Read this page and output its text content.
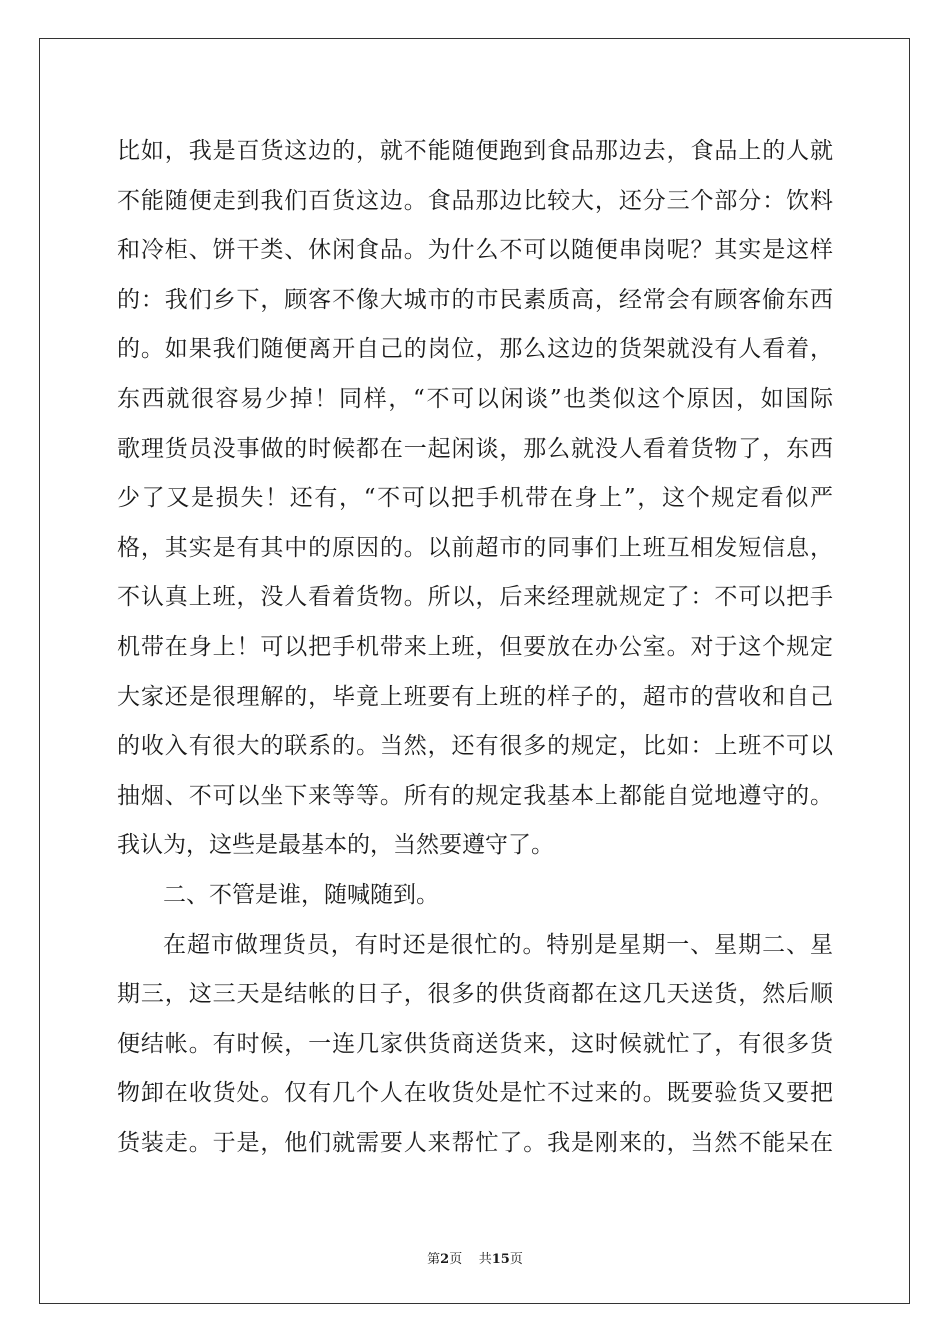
比如，我是百货这边的，就不能随便跑到食品那边去，食品上的人就
不能随便走到我们百货这边。食品那边比较大，还分三个部分：饮料
和冷柜、饼干类、休闲食品。为什么不可以随便串岗呢？其实是这样
的：我们乡下，顾客不像大城市的市民素质高，经常会有顾客偷东西
的。如果我们随便离开自己的岗位，那么这边的货架就没有人看着，
东西就很容易少掉！同样，“不可以闲谈”也类似这个原因，如国际
歌理货员没事做的时候都在一起闲谈，那么就没人看着货物了，东西
少了又是损失！还有，“不可以把手机带在身上”，这个规定看似严
格，其实是有其中的原因的。以前超市的同事们上班互相发短信息，
不认真上班，没人看着货物。所以，后来经理就规定了：不可以把手
机带在身上！可以把手机带来上班，但要放在办公室。对于这个规定
大家还是很理解的，毕竟上班要有上班的样子的，超市的营收和自己
的收入有很大的联系的。当然，还有很多的规定，比如：上班不可以
抽烟、不可以坐下来等等。所有的规定我基本上都能自觉地遵守的。
我认为，这些是最基本的，当然要遵守了。
二、不管是谁，随喊随到。
在超市做理货员，有时还是很忙的。特别是星期一、星期二、星
期三，这三天是结帐的日子，很多的供货商都在这几天送货，然后顺
便结帐。有时候，一连几家供货商送货来，这时候就忙了，有很多货
物卸在收货处。仅有几个人在收货处是忙不过来的。既要验货又要把
货装走。于是，他们就需要人来帮忙了。我是刚来的，当然不能呆在
第2页 共15页
